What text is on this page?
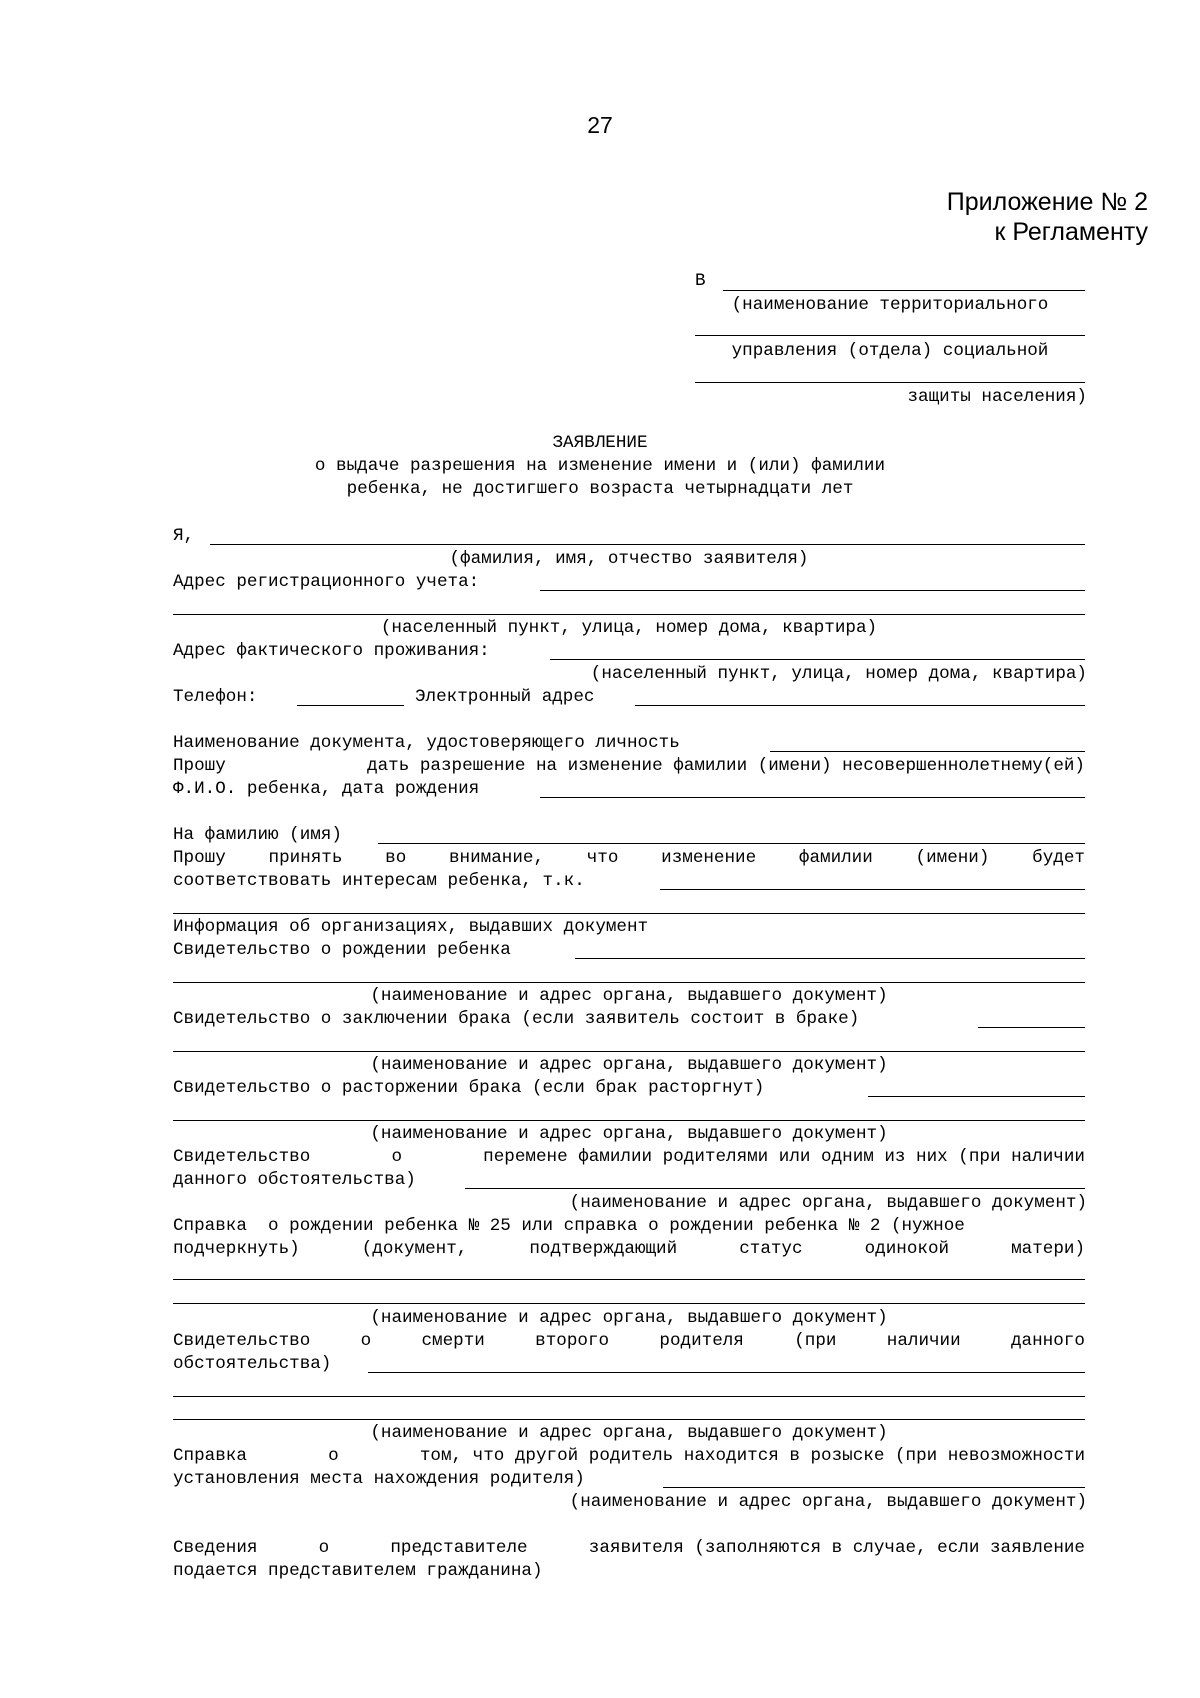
27
Приложение № 2
к Регламенту
В
(наименование территориального
управления (отдела) социальной
защиты населения)
ЗАЯВЛЕНИЕ
о выдаче разрешения на изменение имени и (или) фамилии
ребенка, не достигшего возраста четырнадцати лет
Я,
(фамилия, имя, отчество заявителя)
Адрес регистрационного учета:
(населенный пункт, улица, номер дома, квартира)
Адрес фактического проживания:
(населенный пункт, улица, номер дома, квартира)
Телефон:	Электронный адрес
Наименование документа, удостоверяющего личность
Прошу	дать разрешение на изменение фамилии (имени) несовершеннолетнему(ей)
Ф.И.О. ребенка, дата рождения
На фамилию (имя)
Прошу принять во внимание, что изменение фамилии (имени) будет
соответствовать интересам ребенка, т.к.
Информация об организациях, выдавших документ
Свидетельство о рождении ребенка
(наименование и адрес органа, выдавшего документ)
Свидетельство о заключении брака (если заявитель состоит в браке)
(наименование и адрес органа, выдавшего документ)
Свидетельство о расторжении брака (если брак расторгнут)
(наименование и адрес органа, выдавшего документ)
Свидетельство	о	перемене фамилии родителями или одним из них (при наличии
данного обстоятельства)
(наименование и адрес органа, выдавшего документ)
Справка  о рождении ребенка № 25 или справка о рождении ребенка № 2 (нужное
подчеркнуть)	(документ,	подтверждающий	статус	одинокой	матери)
(наименование и адрес органа, выдавшего документ)
Свидетельство	о	смерти	второго	родителя	(при	наличии	данного
обстоятельства)
(наименование и адрес органа, выдавшего документ)
Справка	о	том, что другой родитель находится в розыске (при невозможности
установления места нахождения родителя)
(наименование и адрес органа, выдавшего документ)
Сведения	о	представителе	заявителя (заполняются в случае, если заявление
подается представителем гражданина)
